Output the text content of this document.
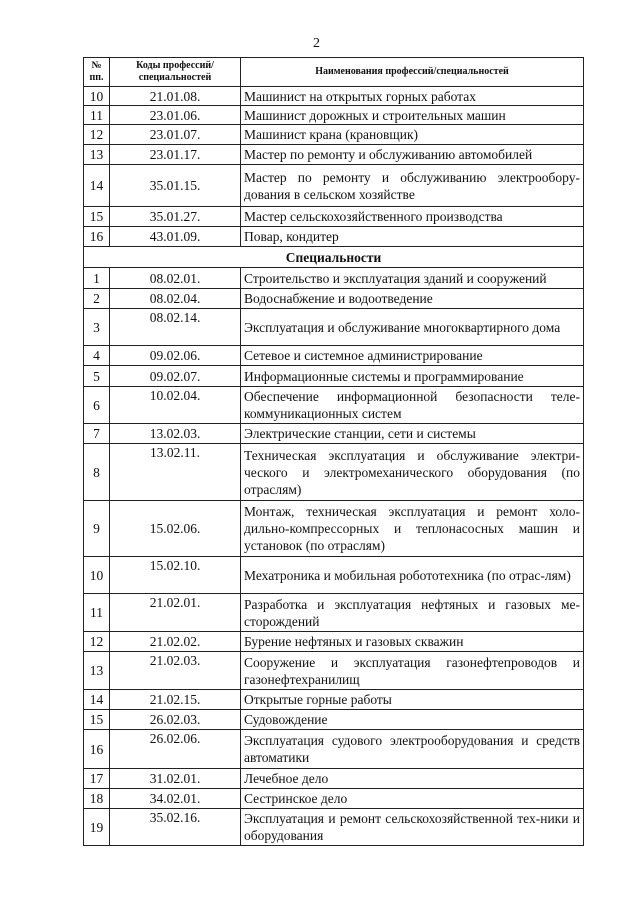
2
№ пп.	Коды профессий/ специальностей	Наименования профессий/специальностей
10	21.01.08.	Машинист на открытых горных работах
11	23.01.06.	Машинист дорожных и строительных машин
12	23.01.07.	Машинист крана (крановщик)
13	23.01.17.	Мастер по ремонту и обслуживанию автомобилей
14	35.01.15.	Мастер по ремонту и обслуживанию электрообору-дования в сельском хозяйстве
15	35.01.27.	Мастер сельскохозяйственного производства
16	43.01.09.	Повар, кондитер
Специальности		
1	08.02.01.	Строительство и эксплуатация зданий и сооружений
2	08.02.04.	Водоснабжение и водоотведение
3	08.02.14.	Эксплуатация и обслуживание многоквартирного дома
4	09.02.06.	Сетевое и системное администрирование
5	09.02.07.	Информационные системы и программирование
6	10.02.04.	Обеспечение информационной безопасности теле-коммуникационных систем
7	13.02.03.	Электрические станции, сети и системы
8	13.02.11.	Техническая эксплуатация и обслуживание электри-ческого и электромеханического оборудования (по отраслям)
9	15.02.06.	Монтаж, техническая эксплуатация и ремонт холо-дильно-компрессорных и теплонасосных машин и установок (по отраслям)
10	15.02.10.	Мехатроника и мобильная робототехника (по отрас-лям)
11	21.02.01.	Разработка и эксплуатация нефтяных и газовых ме-сторождений
12	21.02.02.	Бурение нефтяных и газовых скважин
13	21.02.03.	Сооружение и эксплуатация газонефтепроводов и газонефтехранилищ
14	21.02.15.	Открытые горные работы
15	26.02.03.	Судовождение
16	26.02.06.	Эксплуатация судового электрооборудования и средств автоматики
17	31.02.01.	Лечебное дело
18	34.02.01.	Сестринское дело
19	35.02.16.	Эксплуатация и ремонт сельскохозяйственной тех-ники и оборудования
